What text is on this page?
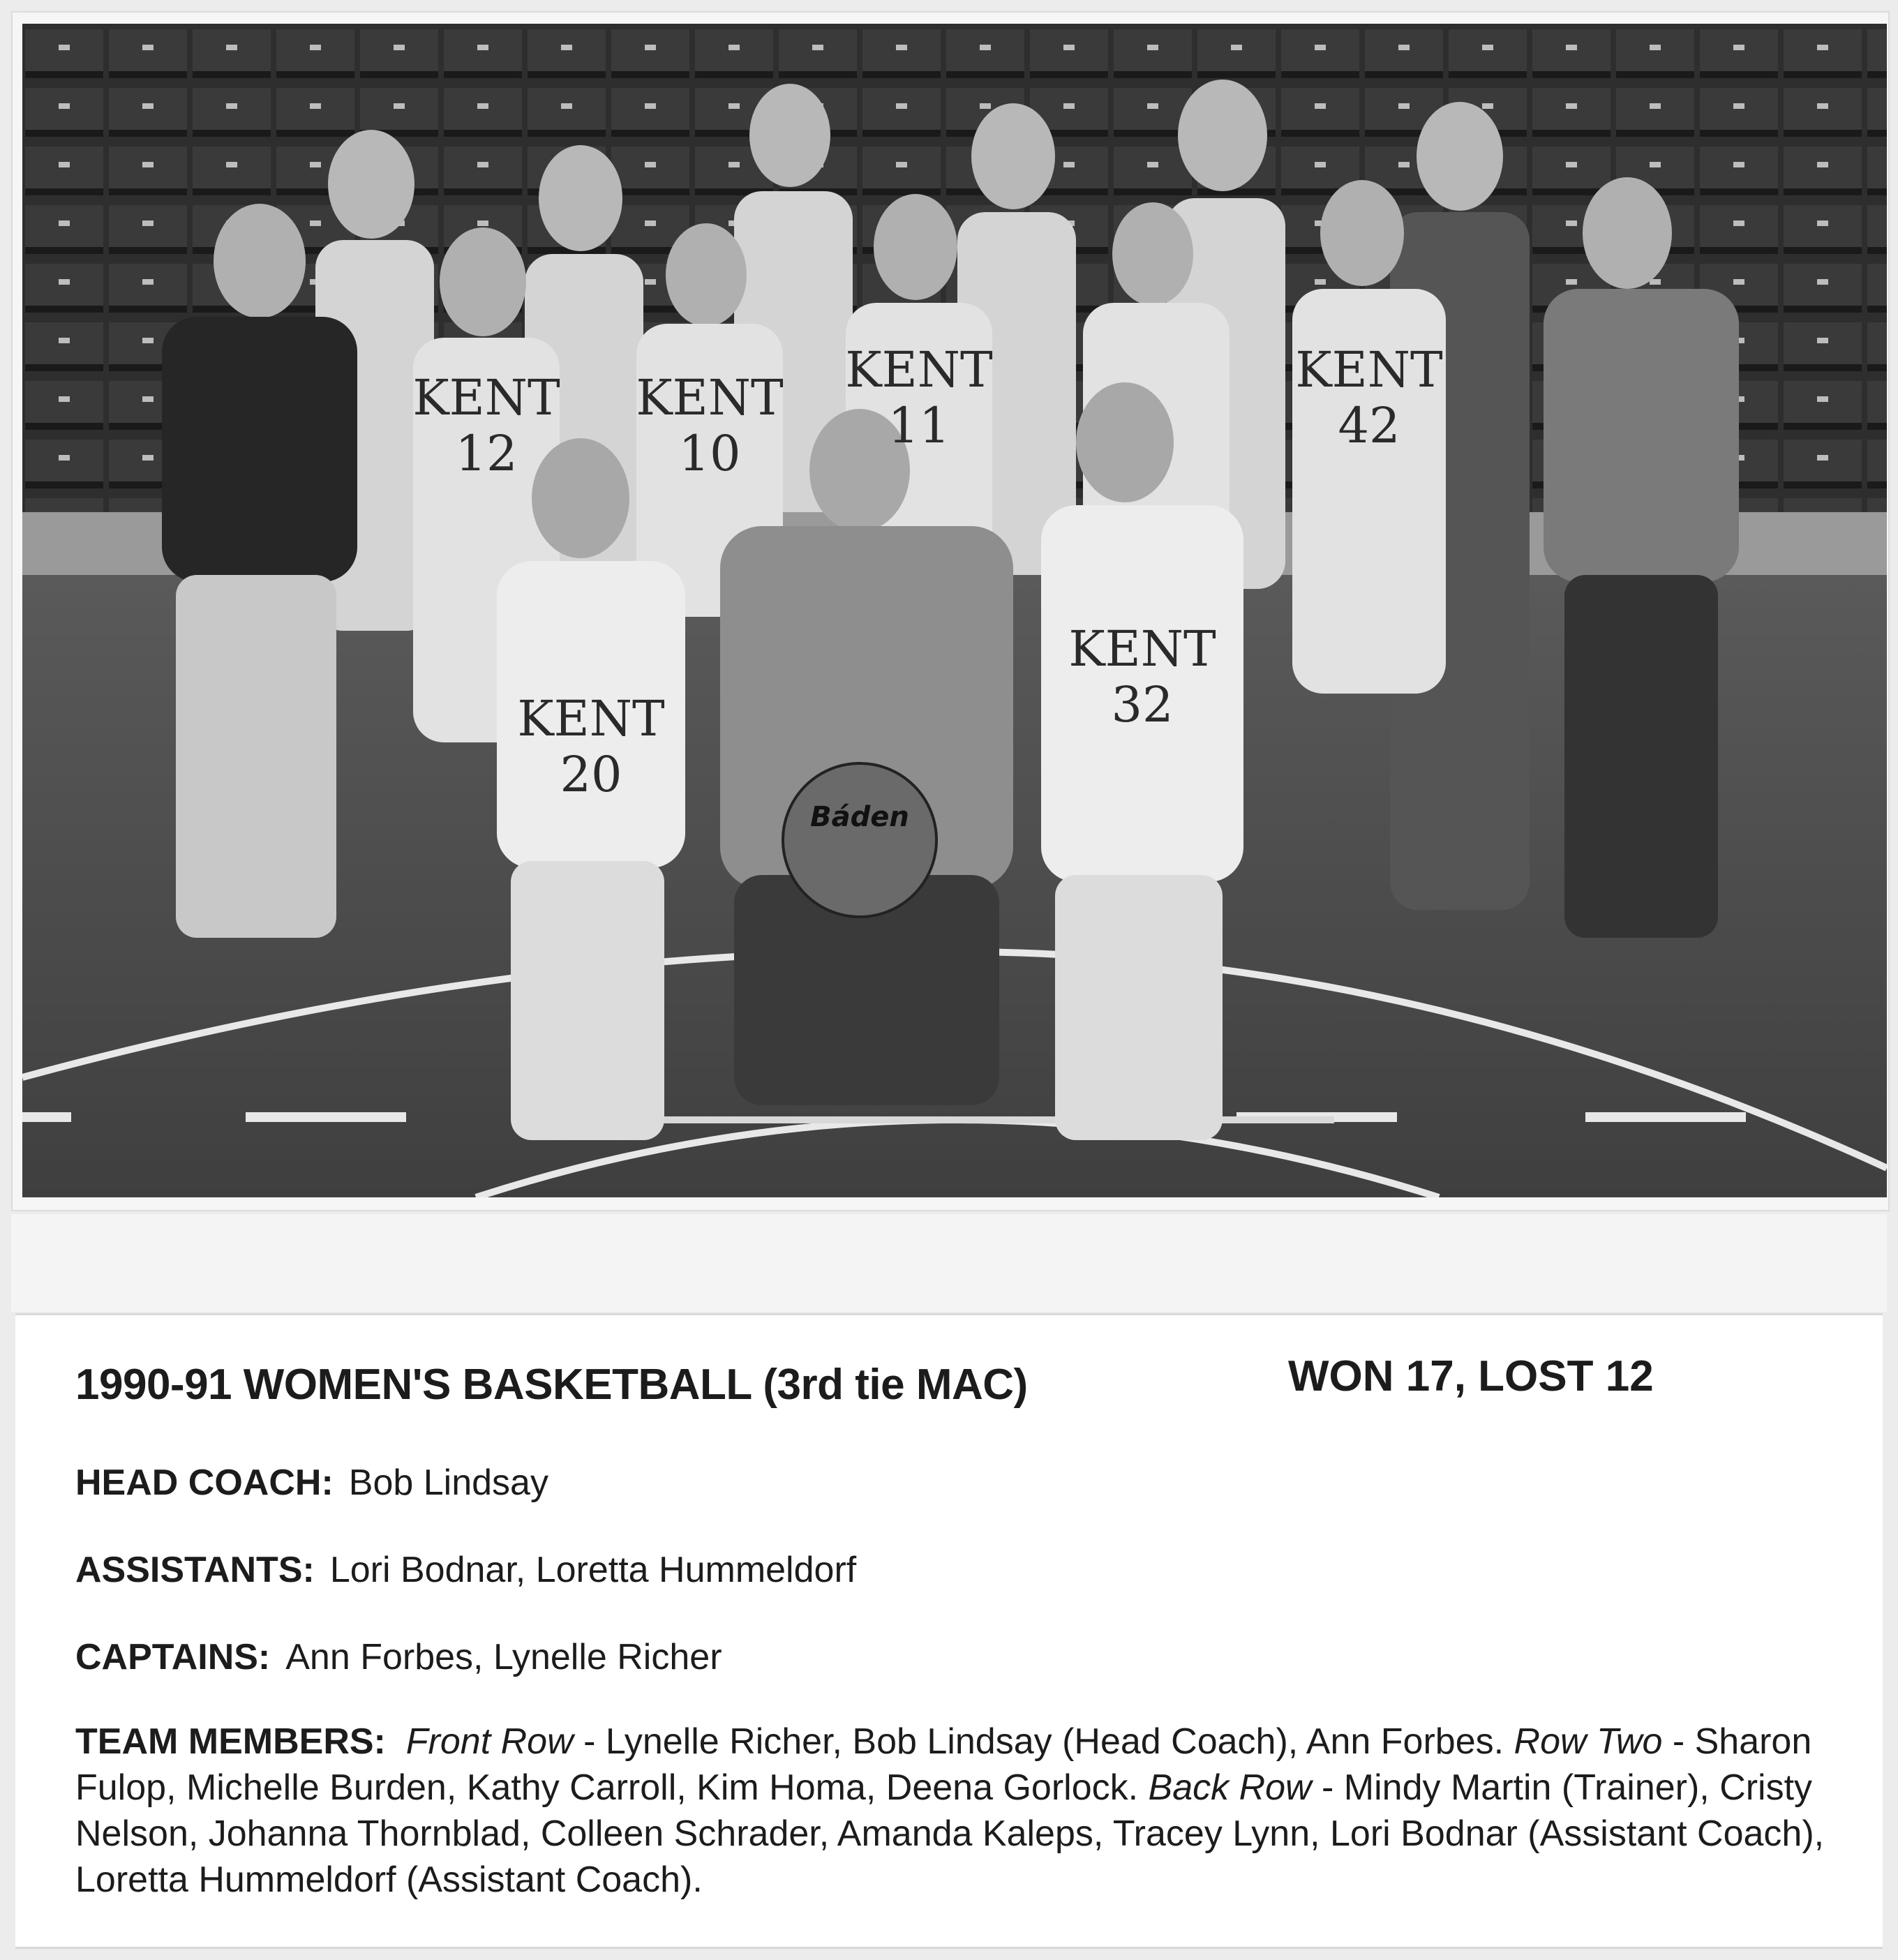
KENT
12
KENT
10
KENT
11
KENT
42
KENT
20
KENT
32
Báden
1990-91 WOMEN'S BASKETBALL (3rd tie MAC)	WON 17, LOST 12
HEAD COACH: Bob Lindsay
ASSISTANTS: Lori Bodnar, Loretta Hummeldorf
CAPTAINS: Ann Forbes, Lynelle Richer
TEAM MEMBERS: Front Row - Lynelle Richer, Bob Lindsay (Head Coach), Ann Forbes. Row Two - Sharon Fulop, Michelle Burden, Kathy Carroll, Kim Homa, Deena Gorlock. Back Row - Mindy Martin (Trainer), Cristy Nelson, Johanna Thornblad, Colleen Schrader, Amanda Kaleps, Tracey Lynn, Lori Bodnar (Assistant Coach), Loretta Hummeldorf (Assistant Coach).
